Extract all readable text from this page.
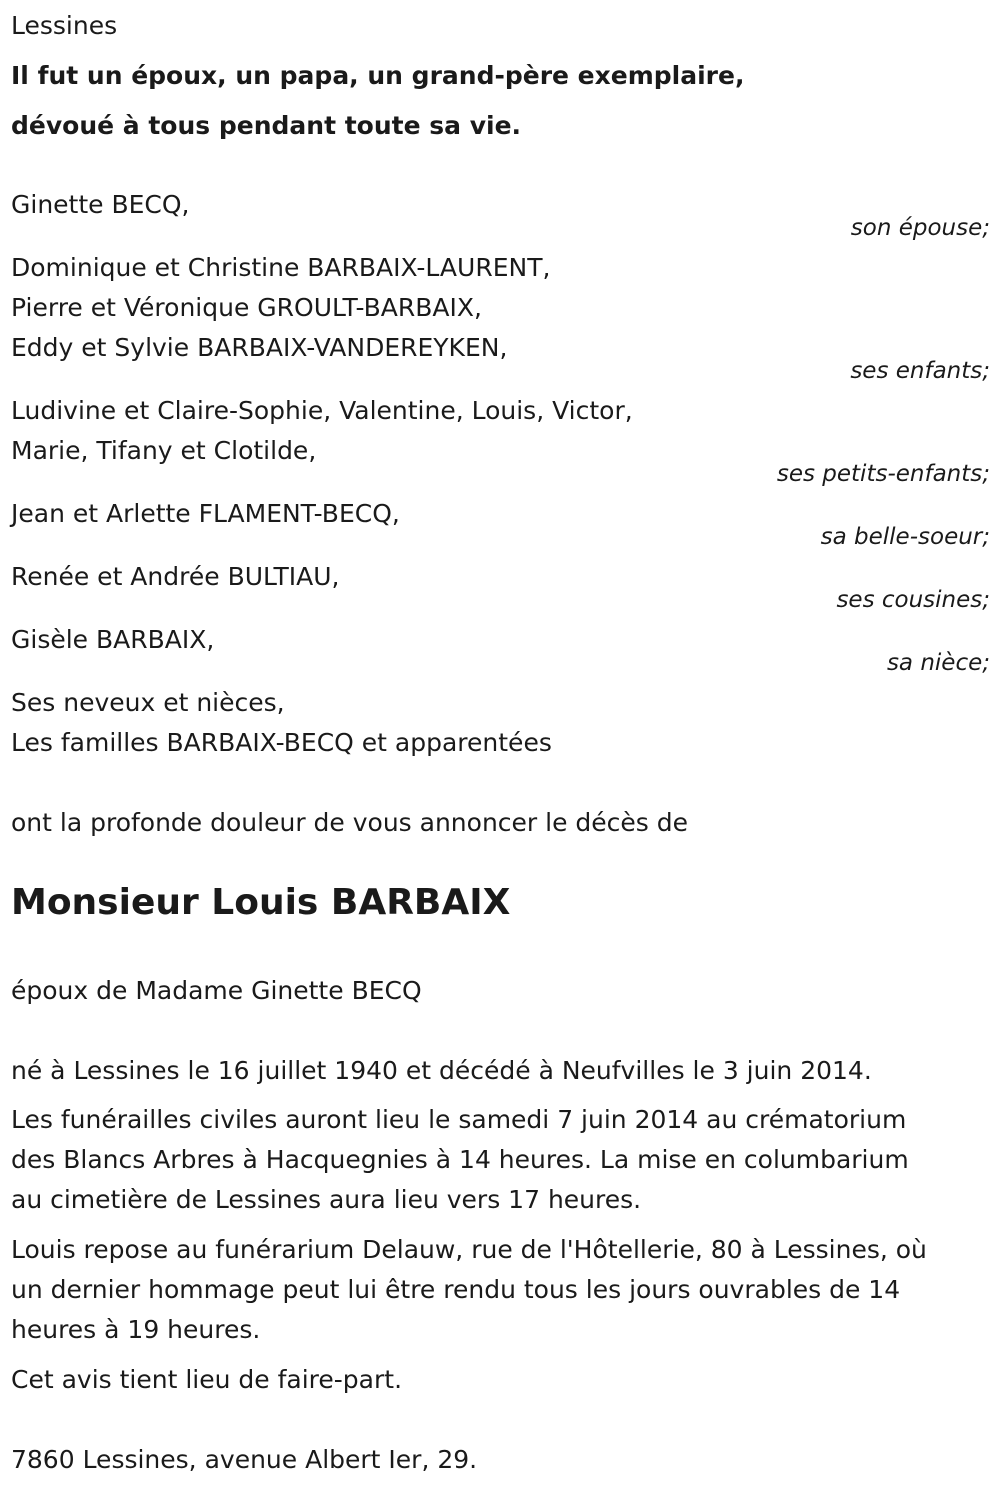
Lessines
Il fut un époux, un papa, un grand-père exemplaire,
dévoué à tous pendant toute sa vie.
Ginette BECQ,
son épouse;
Dominique et Christine BARBAIX-LAURENT,
Pierre et Véronique GROULT-BARBAIX,
Eddy et Sylvie BARBAIX-VANDEREYKEN,
ses enfants;
Ludivine et Claire-Sophie, Valentine, Louis, Victor,
Marie, Tifany et Clotilde,
ses petits-enfants;
Jean et Arlette FLAMENT-BECQ,
sa belle-soeur;
Renée et Andrée BULTIAU,
ses cousines;
Gisèle BARBAIX,
sa nièce;
Ses neveux et nièces,
Les familles BARBAIX-BECQ et apparentées
ont la profonde douleur de vous annoncer le décès de
Monsieur Louis BARBAIX
époux de Madame Ginette BECQ
né à Lessines le 16 juillet 1940 et décédé à Neufvilles le 3 juin 2014.
Les funérailles civiles auront lieu le samedi 7 juin 2014 au crématorium
des Blancs Arbres à Hacquegnies à 14 heures. La mise en columbarium
au cimetière de Lessines aura lieu vers 17 heures.
Louis repose au funérarium Delauw, rue de l'Hôtellerie, 80 à Lessines, où
un dernier hommage peut lui être rendu tous les jours ouvrables de 14
heures à 19 heures.
Cet avis tient lieu de faire-part.
7860 Lessines, avenue Albert Ier, 29.
